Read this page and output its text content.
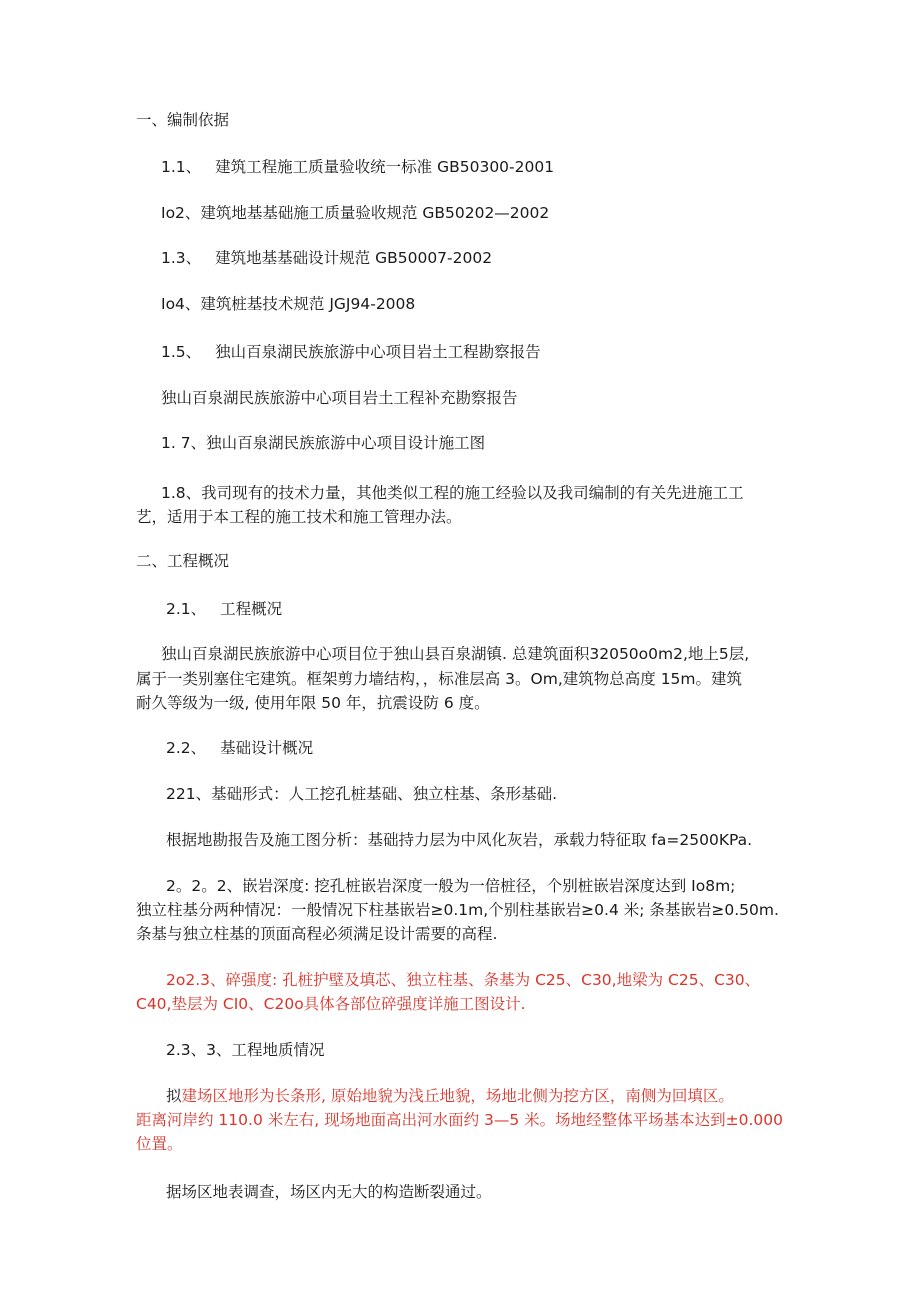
一、编制依据
1.1、 建筑工程施工质量验收统一标准 GB50300-2001
Io2、建筑地基基础施工质量验收规范 GB50202—2002
1.3、 建筑地基基础设计规范 GB50007-2002
Io4、建筑桩基技术规范 JGJ94-2008
1.5、 独山百泉湖民族旅游中心项目岩土工程勘察报告
独山百泉湖民族旅游中心项目岩土工程补充勘察报告
1. 7、独山百泉湖民族旅游中心项目设计施工图
1.8、我司现有的技术力量，其他类似工程的施工经验以及我司编制的有关先进施工工
艺，适用于本工程的施工技术和施工管理办法。
二、工程概况
2.1、 工程概况
独山百泉湖民族旅游中心项目位于独山县百泉湖镇. 总建筑面积32050o0m2,地上5层,
属于一类别塞住宅建筑。框架剪力墙结构，，标准层高 3。Om,建筑物总高度 15m。建筑
耐久等级为一级, 使用年限 50 年，抗震设防 6 度。
2.2、 基础设计概况
221、基础形式：人工挖孔桩基础、独立柱基、条形基础.
根据地勘报告及施工图分析：基础持力层为中风化灰岩，承载力特征取 fa=2500KPa.
2。2。2、嵌岩深度: 挖孔桩嵌岩深度一般为一倍桩径，个别桩嵌岩深度达到 Io8m;
独立柱基分两种情况：一般情况下柱基嵌岩≥0.1m,个别柱基嵌岩≥0.4 米; 条基嵌岩≥0.50m.
条基与独立柱基的顶面高程必须满足设计需要的高程.
2o2.3、碎强度: 孔桩护壁及填芯、独立柱基、条基为 C25、C30,地梁为 C25、C30、
C40,垫层为 CI0、C20o具体各部位碎强度详施工图设计.
2.3、3、工程地质情况
拟建场区地形为长条形, 原始地貌为浅丘地貌，场地北侧为挖方区，南侧为回填区。
距离河岸约 110.0 米左右, 现场地面高出河水面约 3—5 米。场地经整体平场基本达到±0.000
位置。
据场区地表调查，场区内无大的构造断裂通过。
